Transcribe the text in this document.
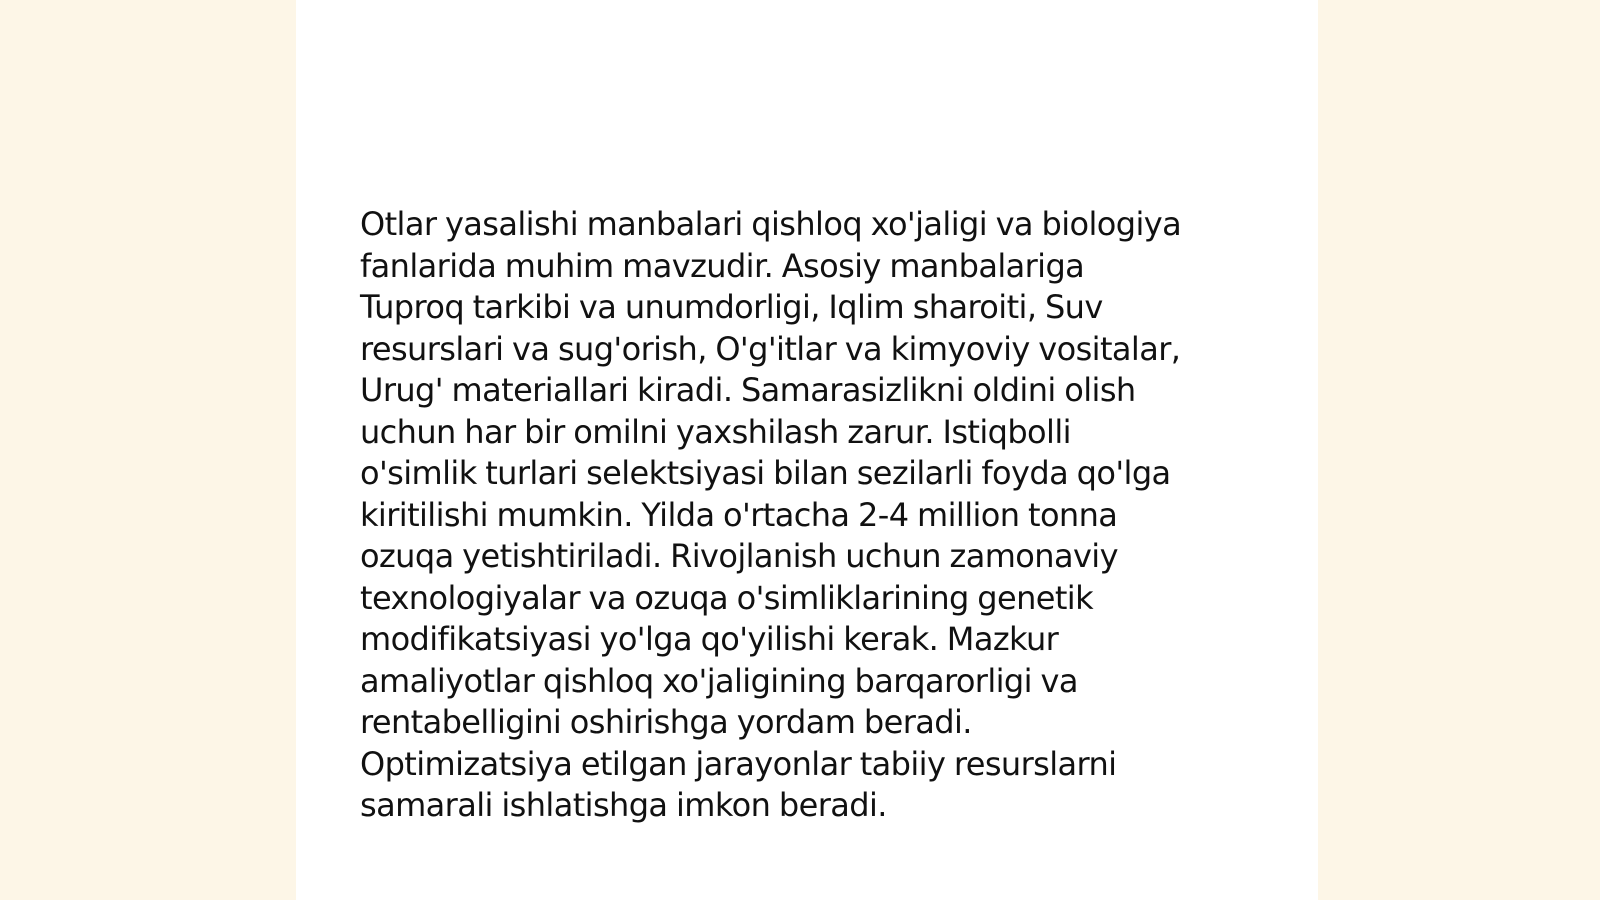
Otlar yasalishi manbalari qishloq xo'jaligi va biologiya
fanlarida muhim mavzudir. Asosiy manbalariga
Tuproq tarkibi va unumdorligi, Iqlim sharoiti, Suv
resurslari va sug'orish, O'g'itlar va kimyoviy vositalar,
Urug' materiallari kiradi. Samarasizlikni oldini olish
uchun har bir omilni yaxshilash zarur. Istiqbolli
o'simlik turlari selektsiyasi bilan sezilarli foyda qo'lga
kiritilishi mumkin. Yilda o'rtacha 2-4 million tonna
ozuqa yetishtiriladi. Rivojlanish uchun zamonaviy
texnologiyalar va ozuqa o'simliklarining genetik
modifikatsiyasi yo'lga qo'yilishi kerak. Mazkur
amaliyotlar qishloq xo'jaligining barqarorligi va
rentabelligini oshirishga yordam beradi.
Optimizatsiya etilgan jarayonlar tabiiy resurslarni
samarali ishlatishga imkon beradi.
